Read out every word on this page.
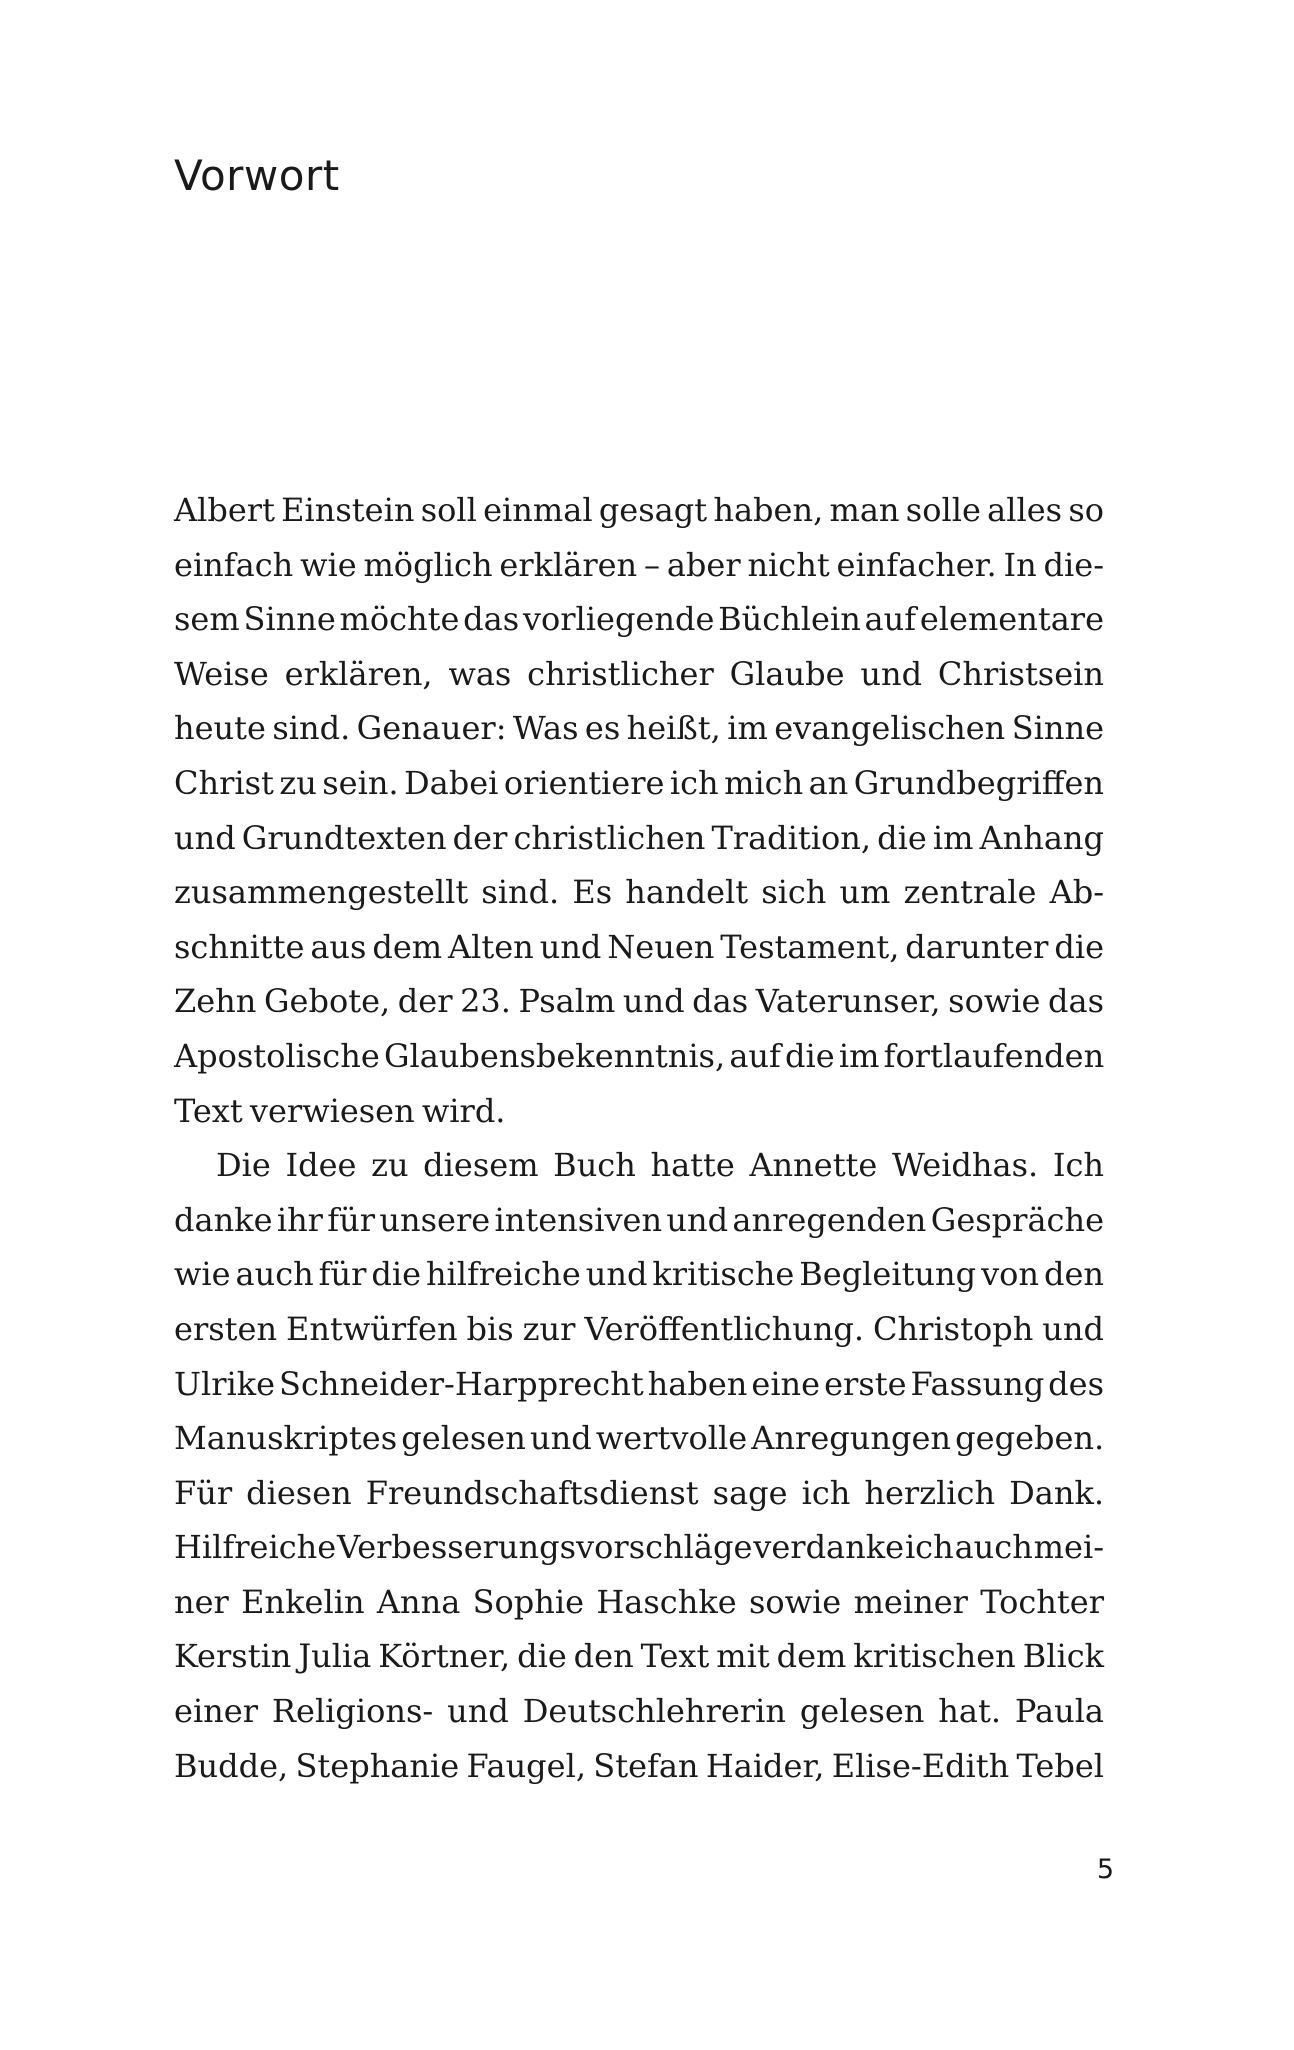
Vorwort

Albert Einstein soll einmal gesagt haben, man solle alles so
einfach wie möglich erklären – aber nicht einfacher. In die-
sem Sinne möchte das vorliegende Büchlein auf elementare
Weise erklären, was christlicher Glaube und Christsein
heute sind. Genauer: Was es heißt, im evangelischen Sinne
Christ zu sein. Dabei orientiere ich mich an Grundbegriffen
und Grundtexten der christlichen Tradition, die im Anhang
zusammengestellt sind. Es handelt sich um zentrale Ab-
schnitte aus dem Alten und Neuen Testament, darunter die
Zehn Gebote, der 23. Psalm und das Vaterunser, sowie das
Apostolische Glaubensbekenntnis, auf die im fortlaufenden
Text verwiesen wird.

Die Idee zu diesem Buch hatte Annette Weidhas. Ich
danke ihr für unsere intensiven und anregenden Gespräche
wie auch für die hilfreiche und kritische Begleitung von den
ersten Entwürfen bis zur Veröffentlichung. Christoph und
Ulrike Schneider-Harpprecht haben eine erste Fassung des
Manuskriptes gelesen und wertvolle Anregungen gegeben.
Für diesen Freundschaftsdienst sage ich herzlich Dank.
Hilfreiche Verbesserungsvorschläge verdanke ich auch mei-
ner Enkelin Anna Sophie Haschke sowie meiner Tochter
Kerstin Julia Körtner, die den Text mit dem kritischen Blick
einer Religions- und Deutschlehrerin gelesen hat. Paula
Budde, Stephanie Faugel, Stefan Haider, Elise-Edith Tebel

5
